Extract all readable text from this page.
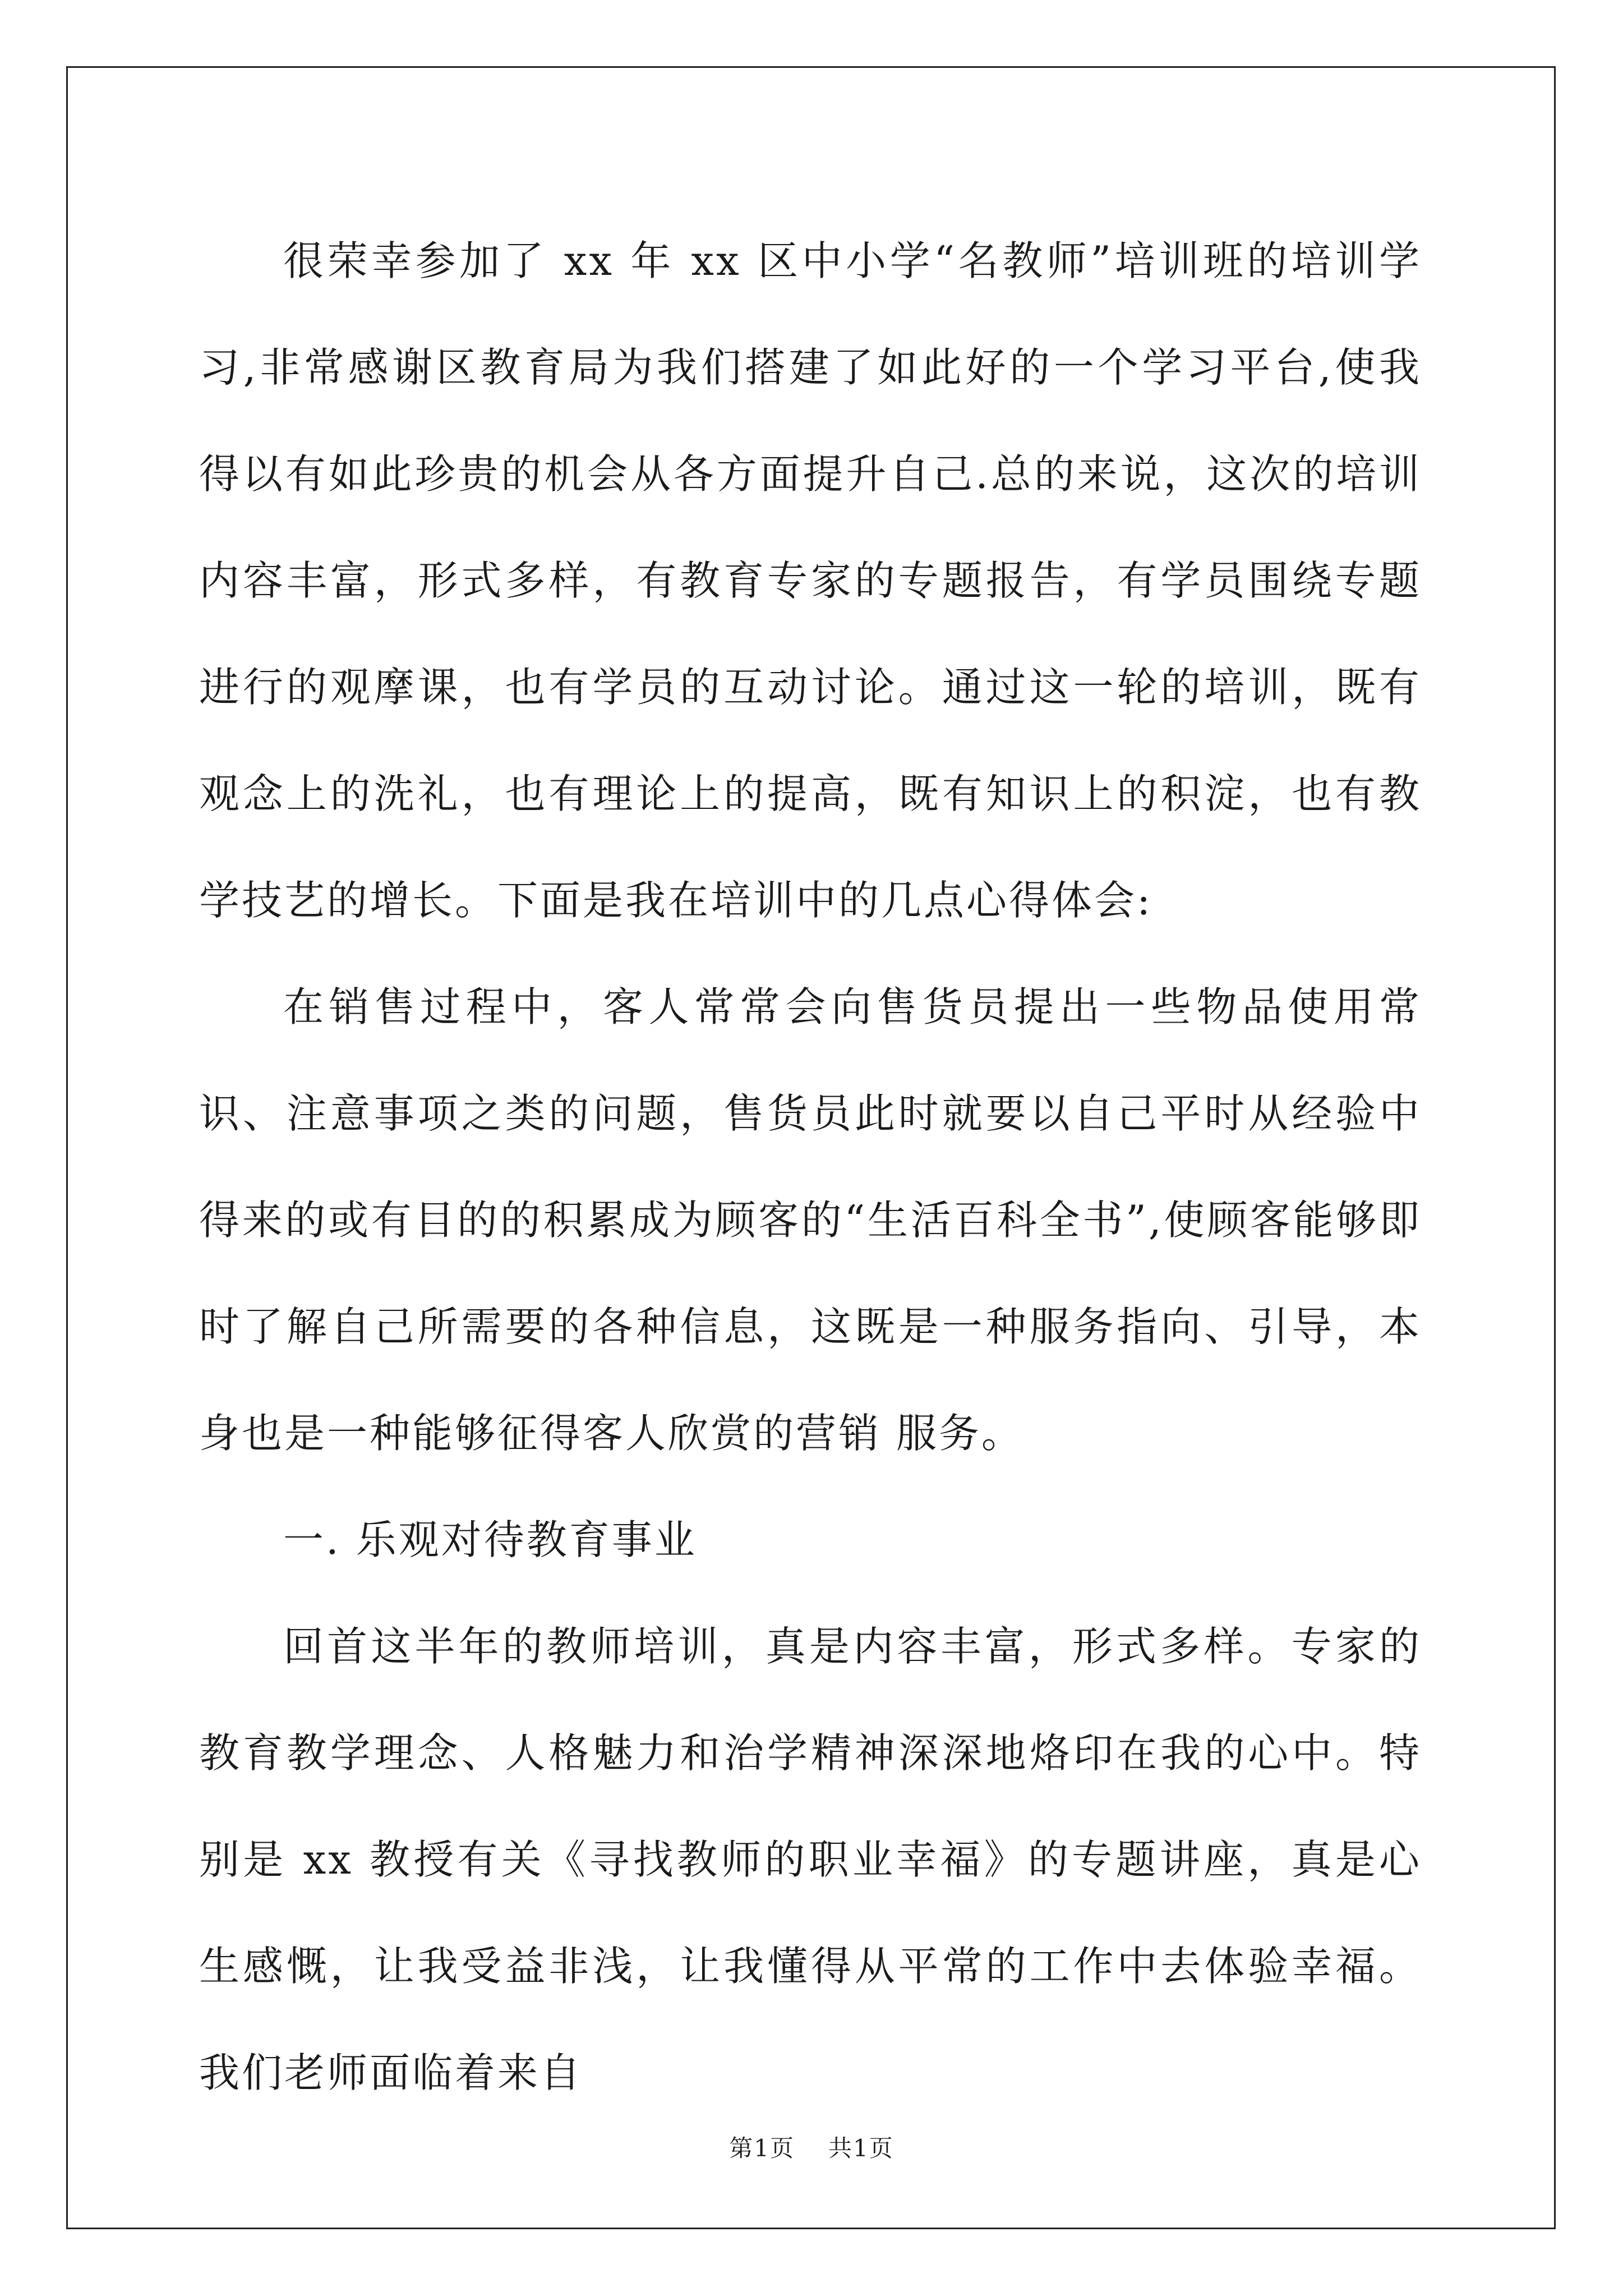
很荣幸参加了 xx 年 xx 区中小学“名教师”培训班的培训学习,非常感谢区教育局为我们搭建了如此好的一个学习平台,使我得以有如此珍贵的机会从各方面提升自己.总的来说，这次的培训内容丰富，形式多样，有教育专家的专题报告，有学员围绕专题进行的观摩课，也有学员的互动讨论。通过这一轮的培训，既有观念上的洗礼，也有理论上的提高，既有知识上的积淀，也有教学技艺的增长。下面是我在培训中的几点心得体会:

在销售过程中，客人常常会向售货员提出一些物品使用常识、注意事项之类的问题，售货员此时就要以自己平时从经验中得来的或有目的的积累成为顾客的“生活百科全书”,使顾客能够即时了解自己所需要的各种信息，这既是一种服务指向、引导，本身也是一种能够征得客人欣赏的营销 服务。

一. 乐观对待教育事业

回首这半年的教师培训，真是内容丰富，形式多样。专家的教育教学理念、人格魅力和治学精神深深地烙印在我的心中。特别是 xx 教授有关《寻找教师的职业幸福》的专题讲座，真是心生感慨，让我受益非浅，让我懂得从平常的工作中去体验幸福。我们老师面临着来自

第1页 共1页
